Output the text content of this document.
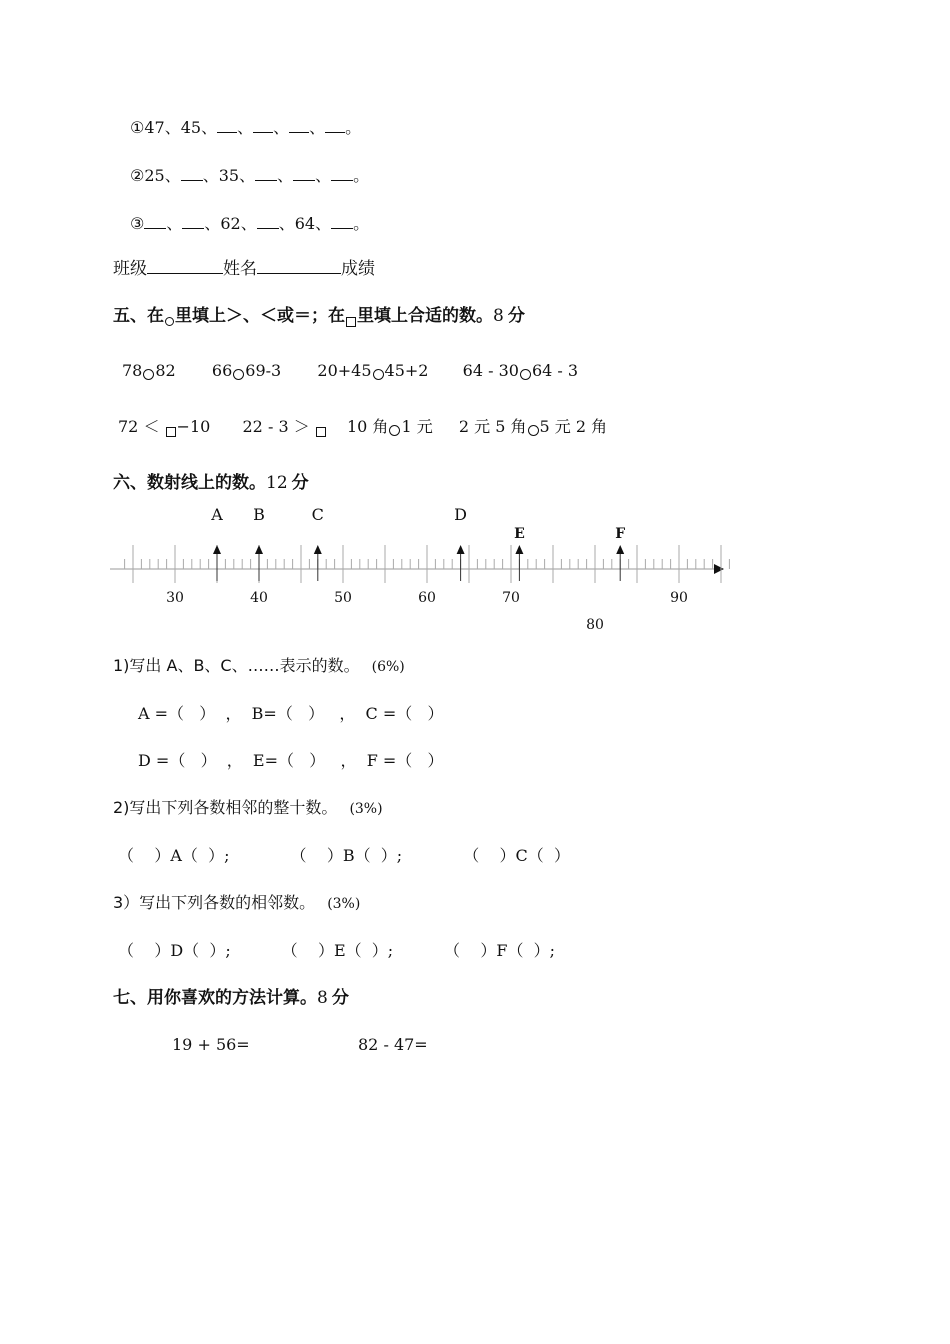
①47、45、 、 、 、 。
②25、 、35、 、 、 。
③ 、 、62、 、64、 。
班级	姓名	成绩
五、在 里填上＞、＜或＝；在 里填上合适的数。8 分
78 82 66 69-3 20+45 45+2 64 - 30 64 - 3
72 ＜ −10 22 - 3 ＞   10 角 1 元 2 元 5 角 5 元 2 角
六、数射线上的数。12 分
30	40	50	60	70
80
90
A B	C	D
E	F
1)写出 A、B、C、……表示的数。 (6%)
A =（   ）  ，  B=（   ）   ，  C =（   ）
D =（   ）  ，  E=（   ）   ，  F =（   ）
2)写出下列各数相邻的整十数。 (3%)
（    ）A（  ）;            （    ）B（  ）;            （    ）C（  ）
3）写出下列各数的相邻数。 (3%)
（    ）D（  ）;          （    ）E（  ）;          （    ）F（  ）;
七、用你喜欢的方法计算。8 分
19 + 56=	82 - 47=
